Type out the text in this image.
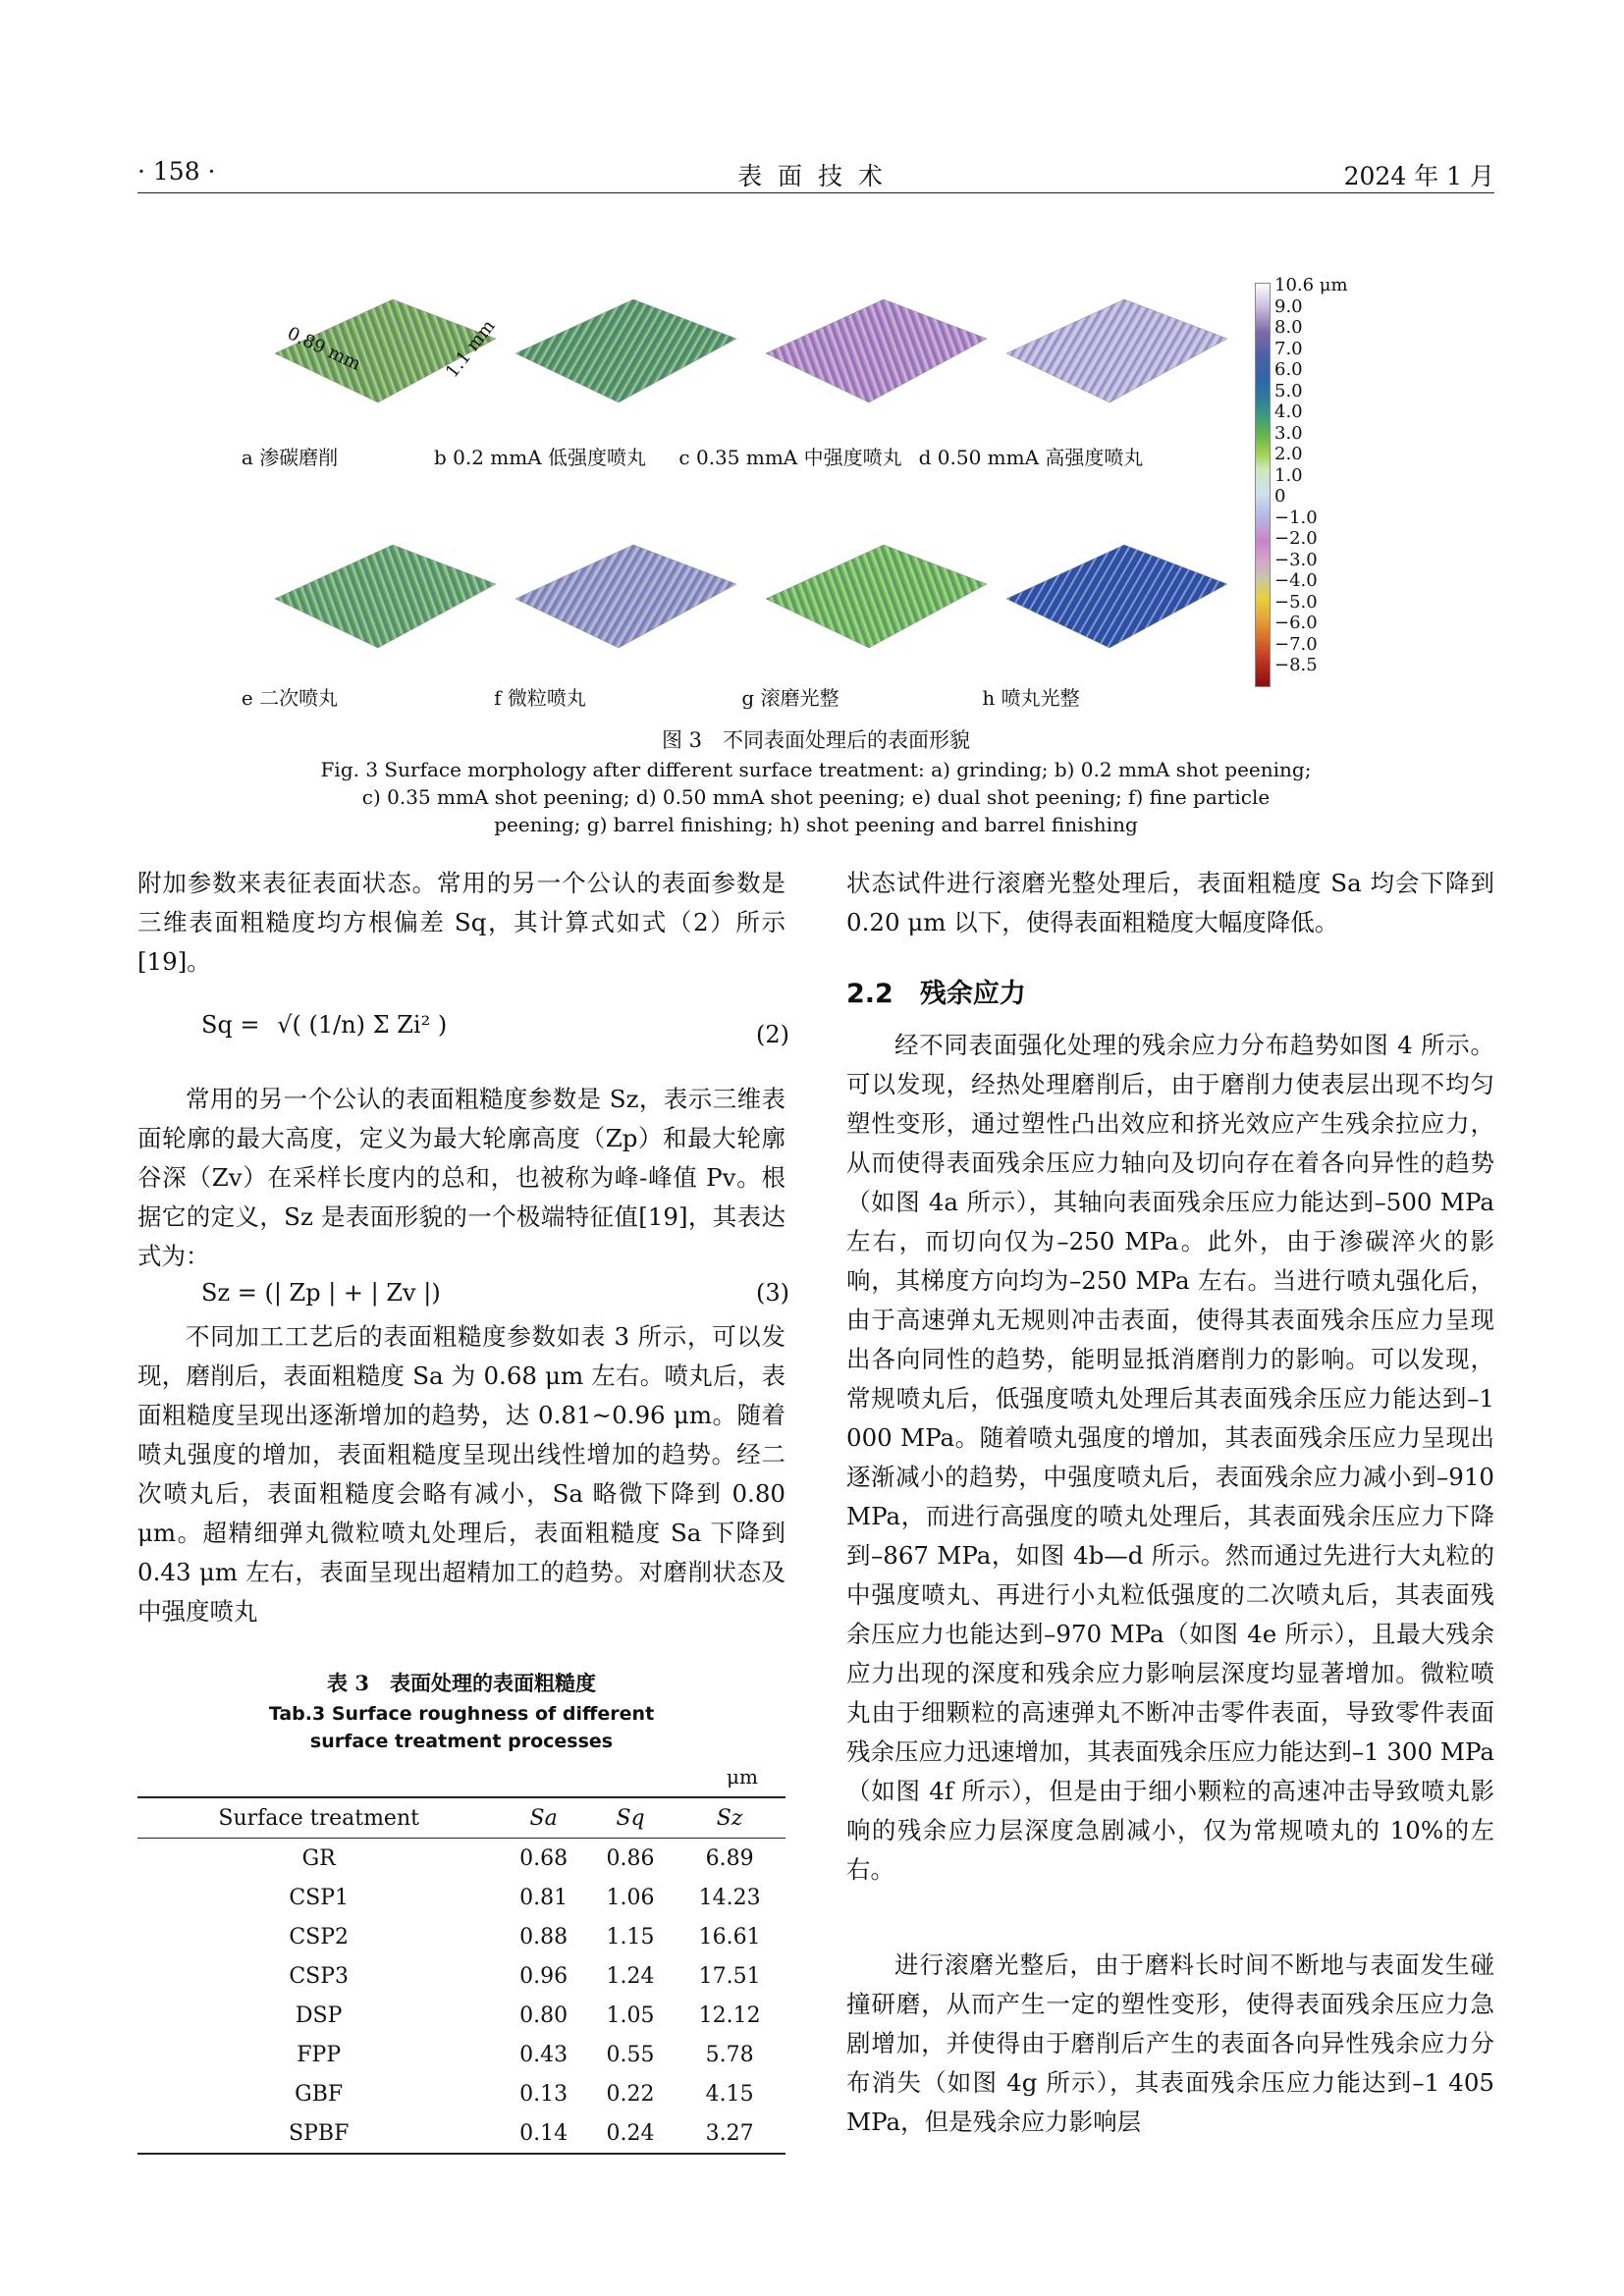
· 158 ·	表 面 技 术	2024 年 1 月
0.89 mm	1.1 mm
10.6 μm
9.0
8.0
7.0
6.0
5.0
4.0
3.0
2.0
1.0
0
−1.0
−2.0
−3.0
−4.0
−5.0
−6.0
−7.0
−8.5
图 3　不同表面处理后的表面形貌
Fig. 3 Surface morphology after different surface treatment: a) grinding; b) 0.2 mmA shot peening;
c) 0.35 mmA shot peening; d) 0.50 mmA shot peening; e) dual shot peening; f) fine particle
peening; g) barrel finishing; h) shot peening and barrel finishing

附加参数来表征表面状态。常用的另一个公认的表面参数是三维表面粗糙度均方根偏差 Sq，其计算式如式（2）所示[19]。

Sq = √( (1/n) Σ Zi² )	(2)

常用的另一个公认的表面粗糙度参数是 Sz，表示三维表面轮廓的最大高度，定义为最大轮廓高度（Zp）和最大轮廓谷深（Zv）在采样长度内的总和，也被称为峰-峰值 Pv。根据它的定义，Sz 是表面形貌的一个极端特征值[19]，其表达式为：

Sz = (| Zp | + | Zv |)	(3)

不同加工工艺后的表面粗糙度参数如表 3 所示，可以发现，磨削后，表面粗糙度 Sa 为 0.68 μm 左右。喷丸后，表面粗糙度呈现出逐渐增加的趋势，达 0.81~0.96 μm。随着喷丸强度的增加，表面粗糙度呈现出线性增加的趋势。经二次喷丸后，表面粗糙度会略有减小，Sa 略微下降到 0.80 μm。超精细弹丸微粒喷丸处理后，表面粗糙度 Sa 下降到 0.43 μm 左右，表面呈现出超精加工的趋势。对磨削状态及中强度喷丸

表 3　表面处理的表面粗糙度
Tab.3 Surface roughness of different
surface treatment processes
μm
Surface treatment	Sa	Sq	Sz
GR	0.68	0.86	6.89
CSP1	0.81	1.06	14.23
CSP2	0.88	1.15	16.61
CSP3	0.96	1.24	17.51
DSP	0.80	1.05	12.12
FPP	0.43	0.55	5.78
GBF	0.13	0.22	4.15
SPBF	0.14	0.24	3.27

状态试件进行滚磨光整处理后，表面粗糙度 Sa 均会下降到 0.20 μm 以下，使得表面粗糙度大幅度降低。

2.2　残余应力

经不同表面强化处理的残余应力分布趋势如图 4 所示。可以发现，经热处理磨削后，由于磨削力使表层出现不均匀塑性变形，通过塑性凸出效应和挤光效应产生残余拉应力，从而使得表面残余压应力轴向及切向存在着各向异性的趋势（如图 4a 所示），其轴向表面残余压应力能达到–500 MPa 左右，而切向仅为–250 MPa。此外，由于渗碳淬火的影响，其梯度方向均为–250 MPa 左右。当进行喷丸强化后，由于高速弹丸无规则冲击表面，使得其表面残余压应力呈现出各向同性的趋势，能明显抵消磨削力的影响。可以发现，常规喷丸后，低强度喷丸处理后其表面残余压应力能达到–1 000 MPa。随着喷丸强度的增加，其表面残余压应力呈现出逐渐减小的趋势，中强度喷丸后，表面残余应力减小到–910 MPa，而进行高强度的喷丸处理后，其表面残余压应力下降到–867 MPa，如图 4b—d 所示。然而通过先进行大丸粒的中强度喷丸、再进行小丸粒低强度的二次喷丸后，其表面残余压应力也能达到–970 MPa（如图 4e 所示），且最大残余应力出现的深度和残余应力影响层深度均显著增加。微粒喷丸由于细颗粒的高速弹丸不断冲击零件表面，导致零件表面残余压应力迅速增加，其表面残余压应力能达到–1 300 MPa（如图 4f 所示），但是由于细小颗粒的高速冲击导致喷丸影响的残余应力层深度急剧减小，仅为常规喷丸的 10%的左右。

进行滚磨光整后，由于磨料长时间不断地与表面发生碰撞研磨，从而产生一定的塑性变形，使得表面残余压应力急剧增加，并使得由于磨削后产生的表面各向异性残余应力分布消失（如图 4g 所示），其表面残余压应力能达到–1 405 MPa，但是残余应力影响层

a 渗碳磨削	b 0.2 mmA 低强度喷丸	c 0.35 mmA 中强度喷丸 d 0.50 mmA 高强度喷丸
e 二次喷丸	f 微粒喷丸	g 滚磨光整	h 喷丸光整
